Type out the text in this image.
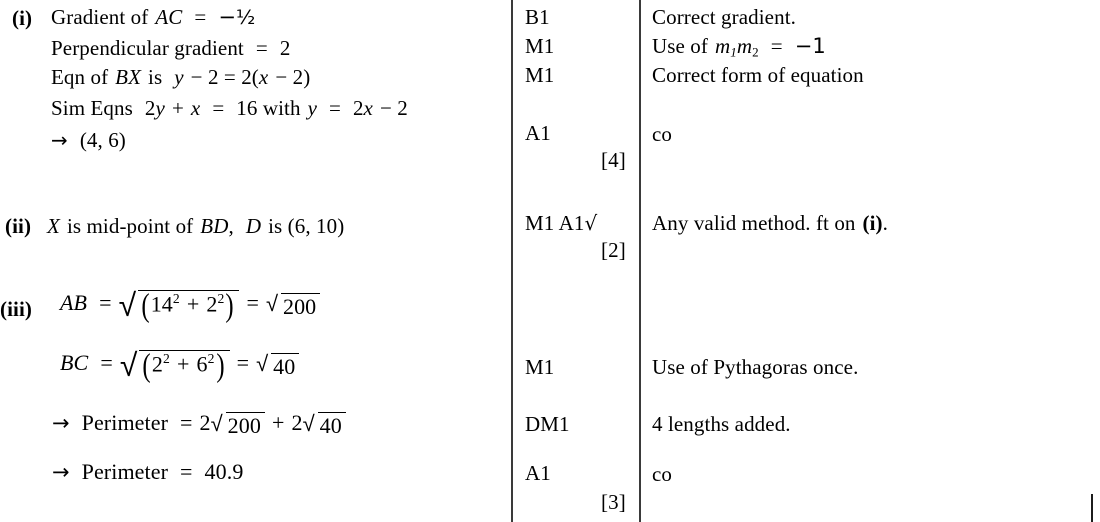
(i) Gradient of AC = −½
Perpendicular gradient = 2
Eqn of BX is y − 2 = 2(x − 2)
Sim Eqns 2y + x = 16 with y = 2x − 2
→ (4, 6)
B1
M1
M1
A1
[4]
Correct gradient.
Use of $m_1m_2 = -1$
Correct form of equation
co
(ii) X is mid-point of BD, D is (6, 10)	M1 A1√
[2]
Any valid method. ft on (i).
(iii) AB = √ $(14^2 + 2^2)$ = √ 200
BC = √ $(2^2 + 6^2)$ = √ 40
→ Perimeter = 2 √ 200 + 2 √ 40
→ Perimeter = 40.9
M1
DM1
A1
[3]
Use of Pythagoras once.
4 lengths added.
co
